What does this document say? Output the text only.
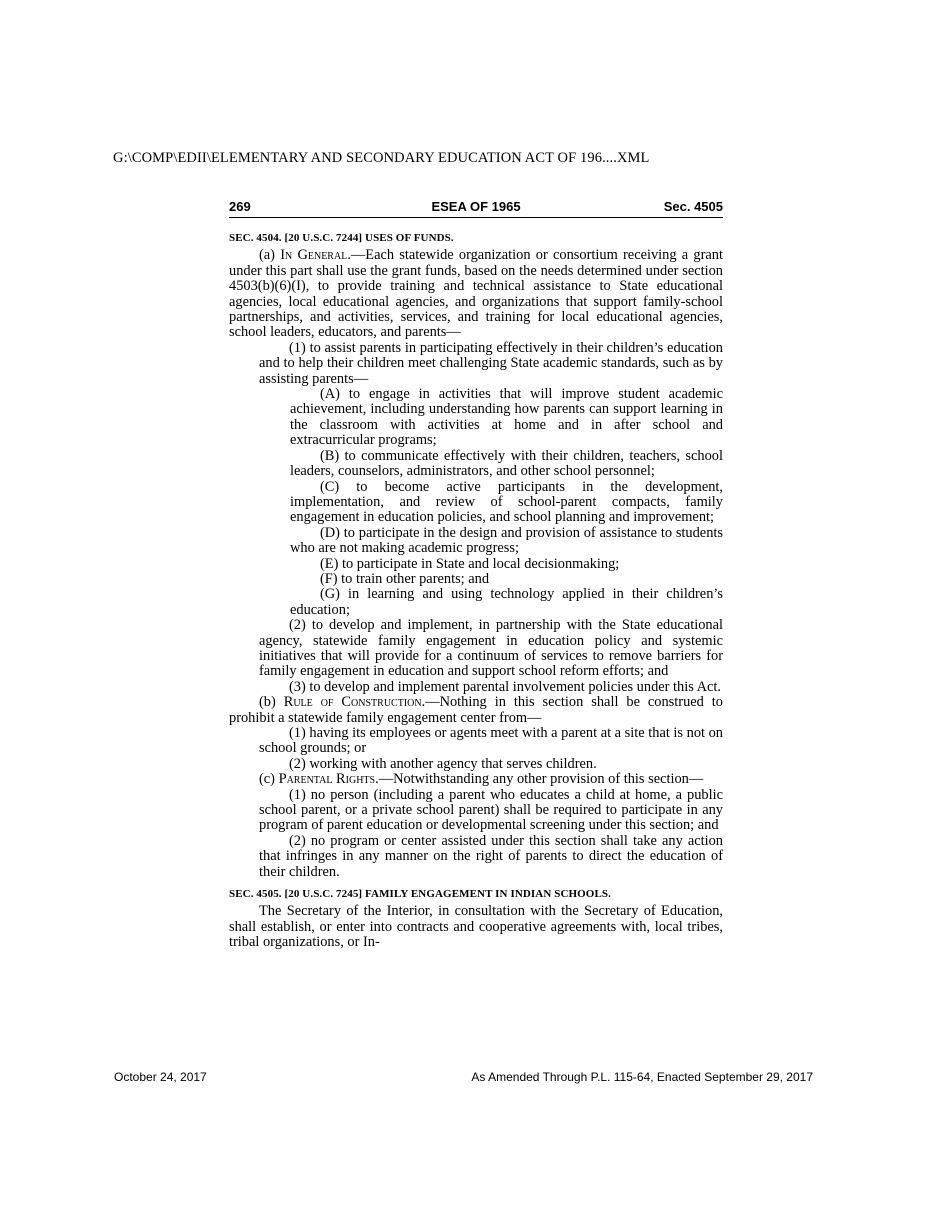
G:\COMP\EDII\ELEMENTARY AND SECONDARY EDUCATION ACT OF 196....XML
269	ESEA OF 1965	Sec. 4505

SEC. 4504. [20 U.S.C. 7244] USES OF FUNDS.

(a) In General.—Each statewide organization or consortium receiving a grant under this part shall use the grant funds, based on the needs determined under section 4503(b)(6)(I), to provide training and technical assistance to State educational agencies, local educational agencies, and organizations that support family-school partnerships, and activities, services, and training for local educational agencies, school leaders, educators, and parents—

(1) to assist parents in participating effectively in their children’s education and to help their children meet challenging State academic standards, such as by assisting parents—

(A) to engage in activities that will improve student academic achievement, including understanding how parents can support learning in the classroom with activities at home and in after school and extracurricular programs;

(B) to communicate effectively with their children, teachers, school leaders, counselors, administrators, and other school personnel;

(C) to become active participants in the development, implementation, and review of school-parent compacts, family engagement in education policies, and school planning and improvement;

(D) to participate in the design and provision of assistance to students who are not making academic progress;

(E) to participate in State and local decisionmaking;

(F) to train other parents; and

(G) in learning and using technology applied in their children’s education;

(2) to develop and implement, in partnership with the State educational agency, statewide family engagement in education policy and systemic initiatives that will provide for a continuum of services to remove barriers for family engagement in education and support school reform efforts; and

(3) to develop and implement parental involvement policies under this Act.

(b) Rule of Construction.—Nothing in this section shall be construed to prohibit a statewide family engagement center from—

(1) having its employees or agents meet with a parent at a site that is not on school grounds; or

(2) working with another agency that serves children.

(c) Parental Rights.—Notwithstanding any other provision of this section—

(1) no person (including a parent who educates a child at home, a public school parent, or a private school parent) shall be required to participate in any program of parent education or developmental screening under this section; and

(2) no program or center assisted under this section shall take any action that infringes in any manner on the right of parents to direct the education of their children.

SEC. 4505. [20 U.S.C. 7245] FAMILY ENGAGEMENT IN INDIAN SCHOOLS.

The Secretary of the Interior, in consultation with the Secretary of Education, shall establish, or enter into contracts and cooperative agreements with, local tribes, tribal organizations, or In-

October 24, 2017	As Amended Through P.L. 115-64, Enacted September 29, 2017
